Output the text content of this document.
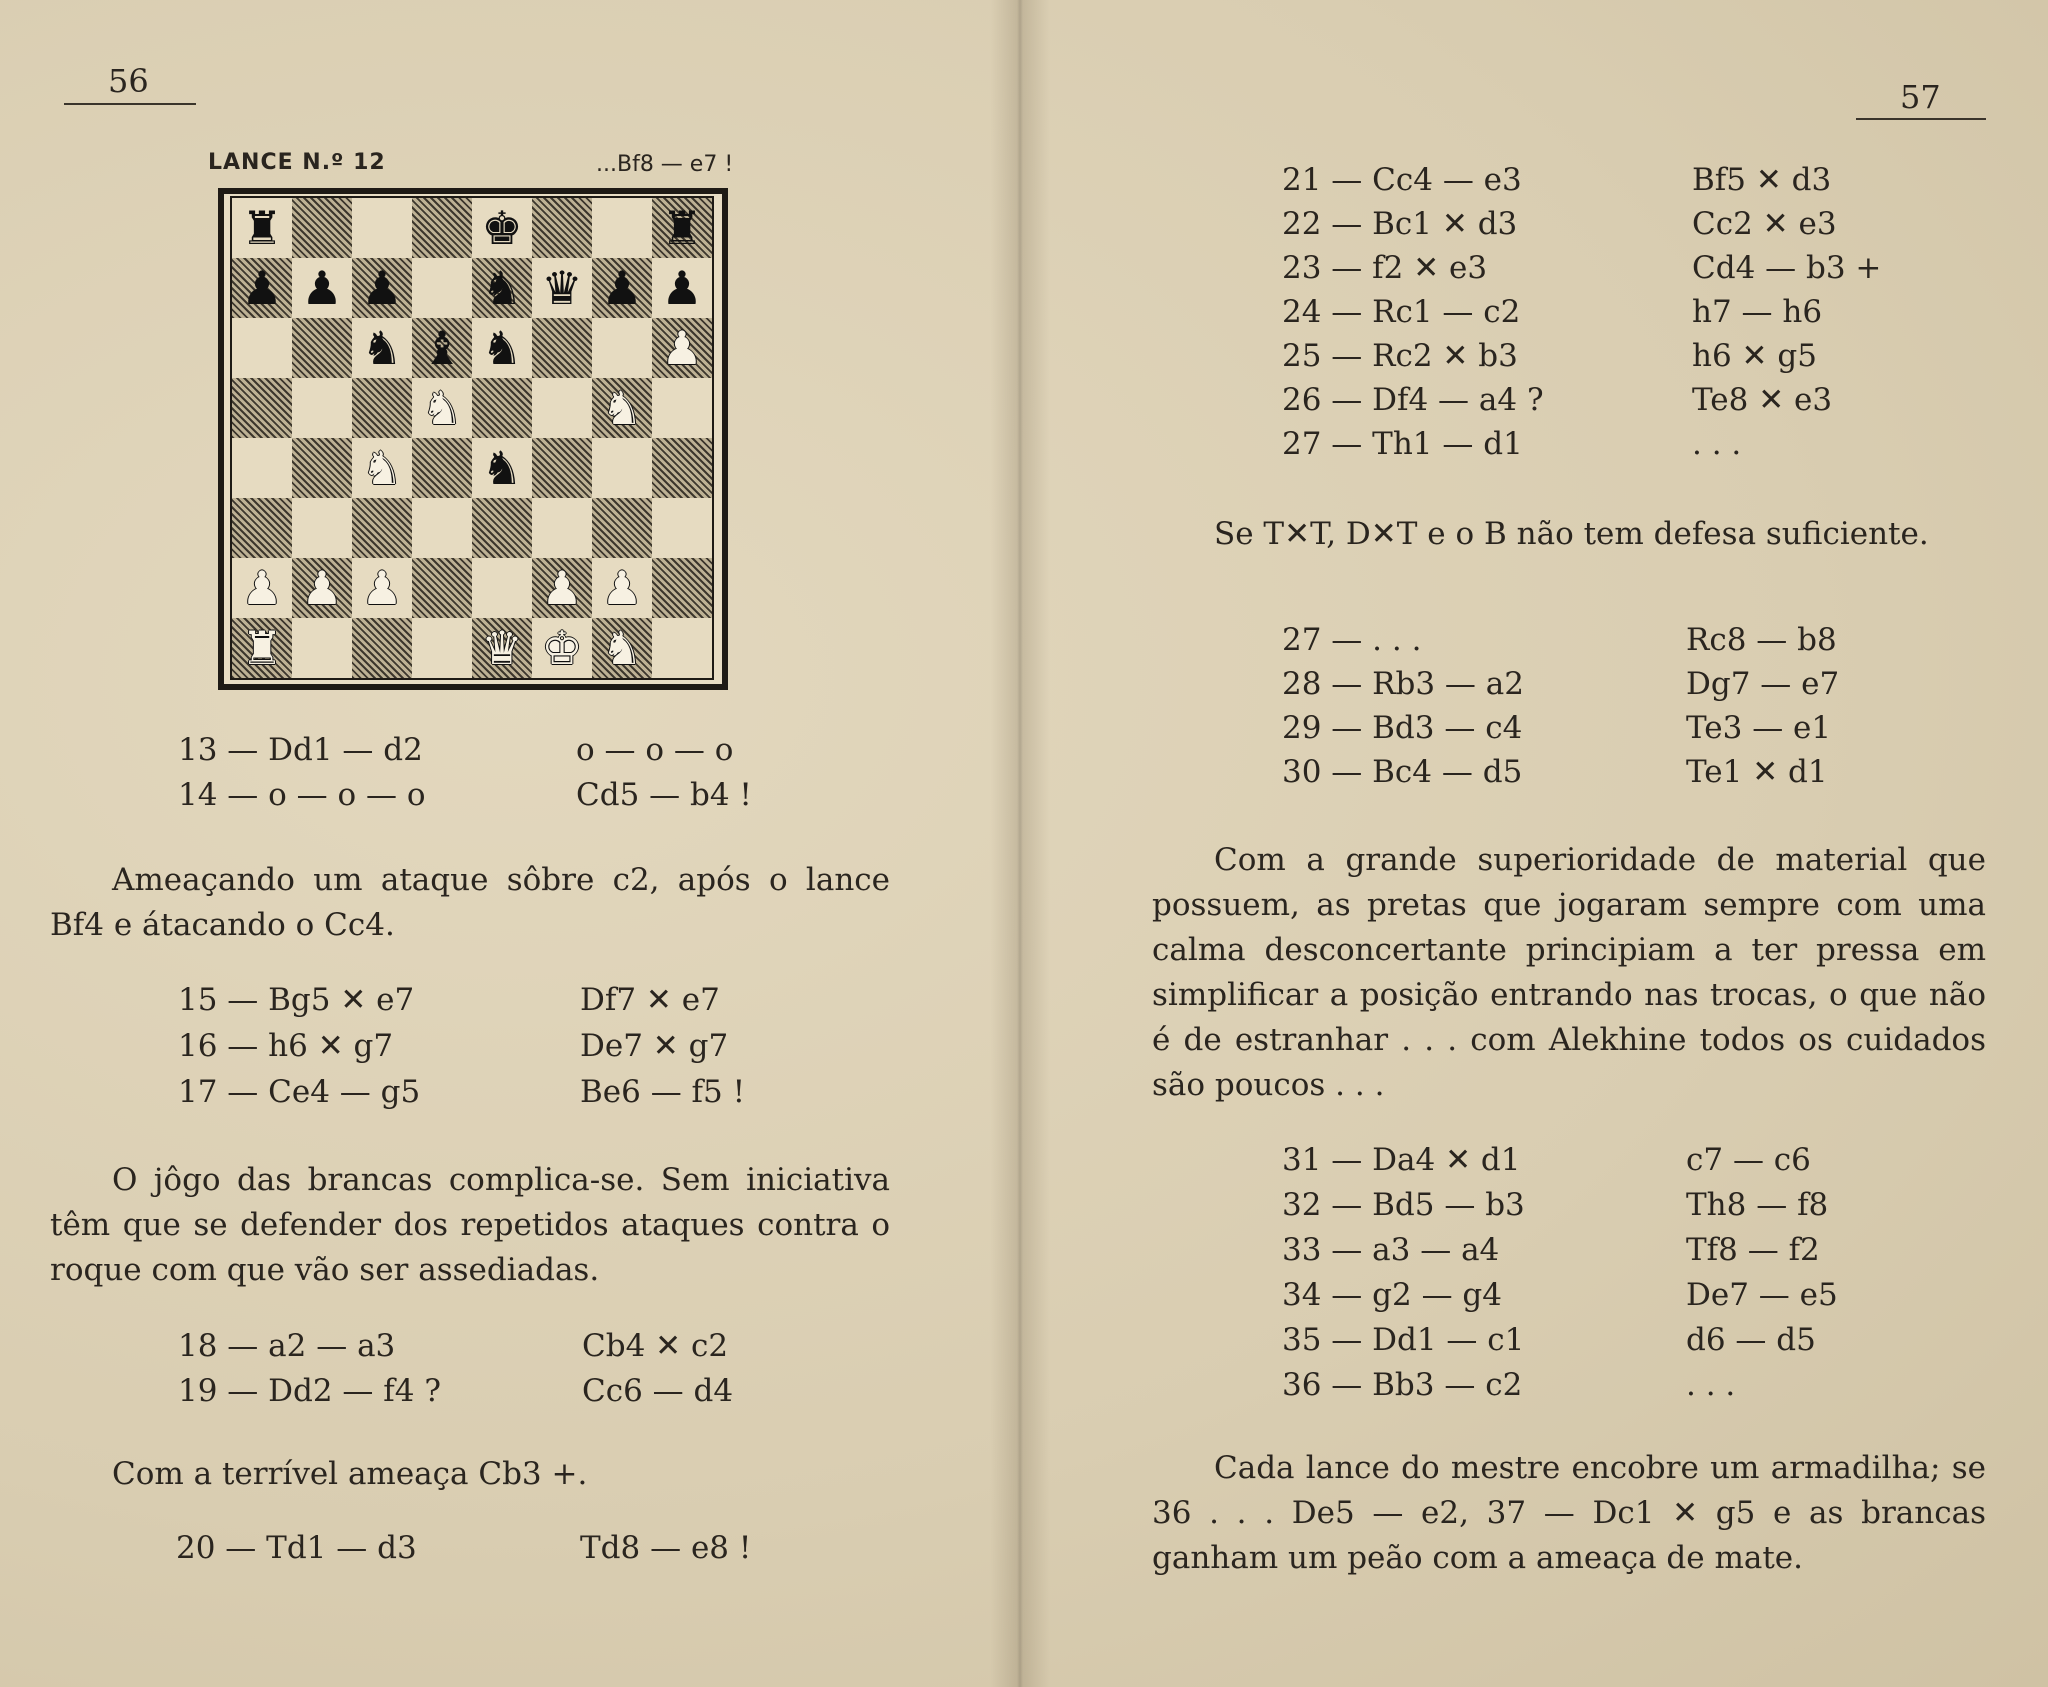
56
LANCE N.º 12	...Bf8 — e7 !
♜	♚	♜
♟ ♟ ♟ ♞ ♛ ♟ ♟
♞ ♝ ♞	♟
♞	♞
♞ ♞
♟ ♟ ♟	♟ ♟
♜	♛ ♚ ♞
13 — Dd1 — d2	o — o — o
14 — o — o — o	Cd5 — b4 !
Ameaçando um ataque sôbre c2, após o lance Bf4 e átacando o Cc4.
15 — Bg5 ✕ e7	Df7 ✕ e7
16 — h6 ✕ g7	De7 ✕ g7
17 — Ce4 — g5	Be6 — f5 !
O jôgo das brancas complica-se. Sem iniciativa têm que se defender dos repetidos ataques contra o roque com que vão ser assediadas.
18 — a2 — a3	Cb4 ✕ c2
19 — Dd2 — f4 ?	Cc6 — d4
Com a terrível ameaça Cb3 +.
20 — Td1 — d3	Td8 — e8 !
57
21 — Cc4 — e3	Bf5 ✕ d3
22 — Bc1 ✕ d3	Cc2 ✕ e3
23 — f2 ✕ e3	Cd4 — b3 +
24 — Rc1 — c2	h7 — h6
25 — Rc2 ✕ b3	h6 ✕ g5
26 — Df4 — a4 ?	Te8 ✕ e3
27 — Th1 — d1	. . .
Se T✕T, D✕T e o B não tem defesa suficiente.
27 — . . .	Rc8 — b8
28 — Rb3 — a2	Dg7 — e7
29 — Bd3 — c4	Te3 — e1
30 — Bc4 — d5	Te1 ✕ d1
Com a grande superioridade de material que possuem, as pretas que jogaram sempre com uma calma desconcertante principiam a ter pressa em simplificar a posição entrando nas trocas, o que não é de estranhar . . . com Alekhine todos os cuidados são poucos . . .
31 — Da4 ✕ d1	c7 — c6
32 — Bd5 — b3	Th8 — f8
33 — a3 — a4	Tf8 — f2
34 — g2 — g4	De7 — e5
35 — Dd1 — c1	d6 — d5
36 — Bb3 — c2	. . .
Cada lance do mestre encobre um armadilha; se 36 . . . De5 — e2, 37 — Dc1 ✕ g5 e as brancas ganham um peão com a ameaça de mate.
